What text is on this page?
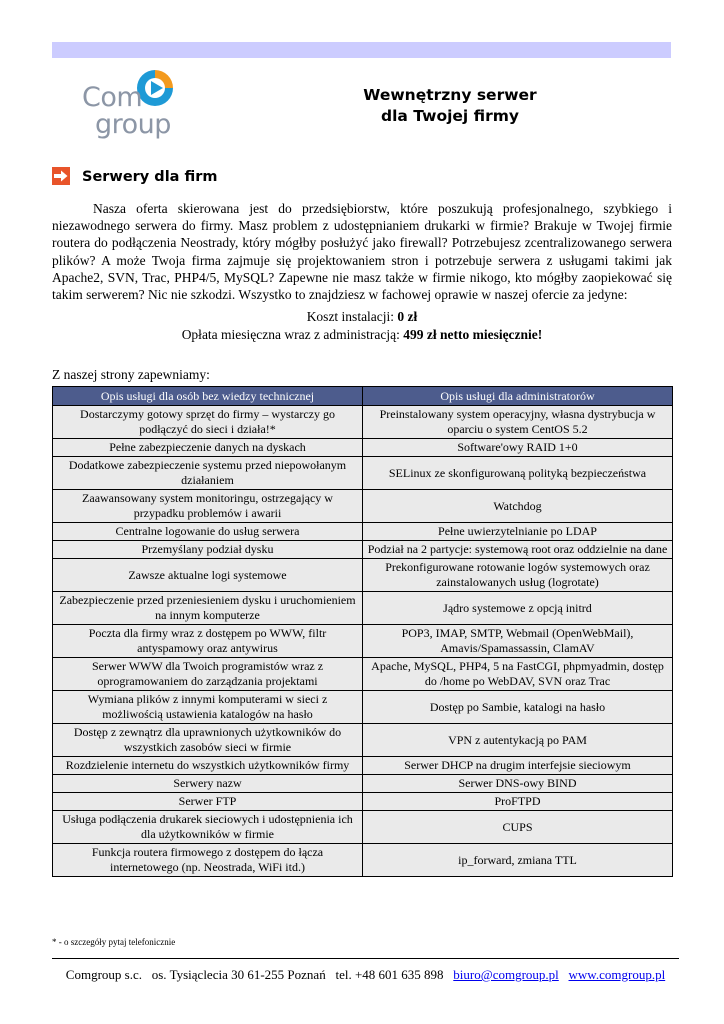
Com
group
Wewnętrzny serwer
dla Twojej firmy
Serwery dla firm

Nasza oferta skierowana jest do przedsiębiorstw, które poszukują profesjonalnego, szybkiego i niezawodnego serwera do firmy. Masz problem z udostępnianiem drukarki w firmie? Brakuje w Twojej firmie routera do podłączenia Neostrady, który mógłby posłużyć jako firewall? Potrzebujesz zcentralizowanego serwera plików? A może Twoja firma zajmuje się projektowaniem stron i potrzebuje serwera z usługami takimi jak Apache2, SVN, Trac, PHP4/5, MySQL? Zapewne nie masz także w firmie nikogo, kto mógłby zaopiekować się takim serwerem? Nic nie szkodzi. Wszystko to znajdziesz w fachowej oprawie w naszej ofercie za jedyne:

Koszt instalacji: 0 zł
Opłata miesięczna wraz z administracją: 499 zł netto miesięcznie!
Z naszej strony zapewniamy:
Opis usługi dla osób bez wiedzy technicznej	Opis usługi dla administratorów
Dostarczymy gotowy sprzęt do firmy – wystarczy go podłączyć do sieci i działa!*	Preinstalowany system operacyjny, własna dystrybucja w oparciu o system CentOS 5.2
Pełne zabezpieczenie danych na dyskach	Software'owy RAID 1+0
Dodatkowe zabezpieczenie systemu przed niepowołanym działaniem	SELinux ze skonfigurowaną polityką bezpieczeństwa
Zaawansowany system monitoringu, ostrzegający w przypadku problemów i awarii	Watchdog
Centralne logowanie do usług serwera	Pełne uwierzytelnianie po LDAP
Przemyślany podział dysku	Podział na 2 partycje: systemową root oraz oddzielnie na dane
Zawsze aktualne logi systemowe	Prekonfigurowane rotowanie logów systemowych oraz zainstalowanych usług (logrotate)
Zabezpieczenie przed przeniesieniem dysku i uruchomieniem na innym komputerze	Jądro systemowe z opcją initrd
Poczta dla firmy wraz z dostępem po WWW, filtr antyspamowy oraz antywirus	POP3, IMAP, SMTP, Webmail (OpenWebMail), Amavis/Spamassassin, ClamAV
Serwer WWW dla Twoich programistów wraz z oprogramowaniem do zarządzania projektami	Apache, MySQL, PHP4, 5 na FastCGI, phpmyadmin, dostęp do /home po WebDAV, SVN oraz Trac
Wymiana plików z innymi komputerami w sieci z możliwością ustawienia katalogów na hasło	Dostęp po Sambie, katalogi na hasło
Dostęp z zewnątrz dla uprawnionych użytkowników do wszystkich zasobów sieci w firmie	VPN z autentykacją po PAM
Rozdzielenie internetu do wszystkich użytkowników firmy	Serwer DHCP na drugim interfejsie sieciowym
Serwery nazw	Serwer DNS-owy BIND
Serwer FTP	ProFTPD
Usługa podłączenia drukarek sieciowych i udostępnienia ich dla użytkowników w firmie	CUPS
Funkcja routera firmowego z dostępem do łącza internetowego (np. Neostrada, WiFi itd.)	ip_forward, zmiana TTL
* - o szczegóły pytaj telefonicznie
Comgroup s.c. os. Tysiąclecia 30 61-255 Poznań tel. +48 601 635 898 biuro@comgroup.pl www.comgroup.pl
